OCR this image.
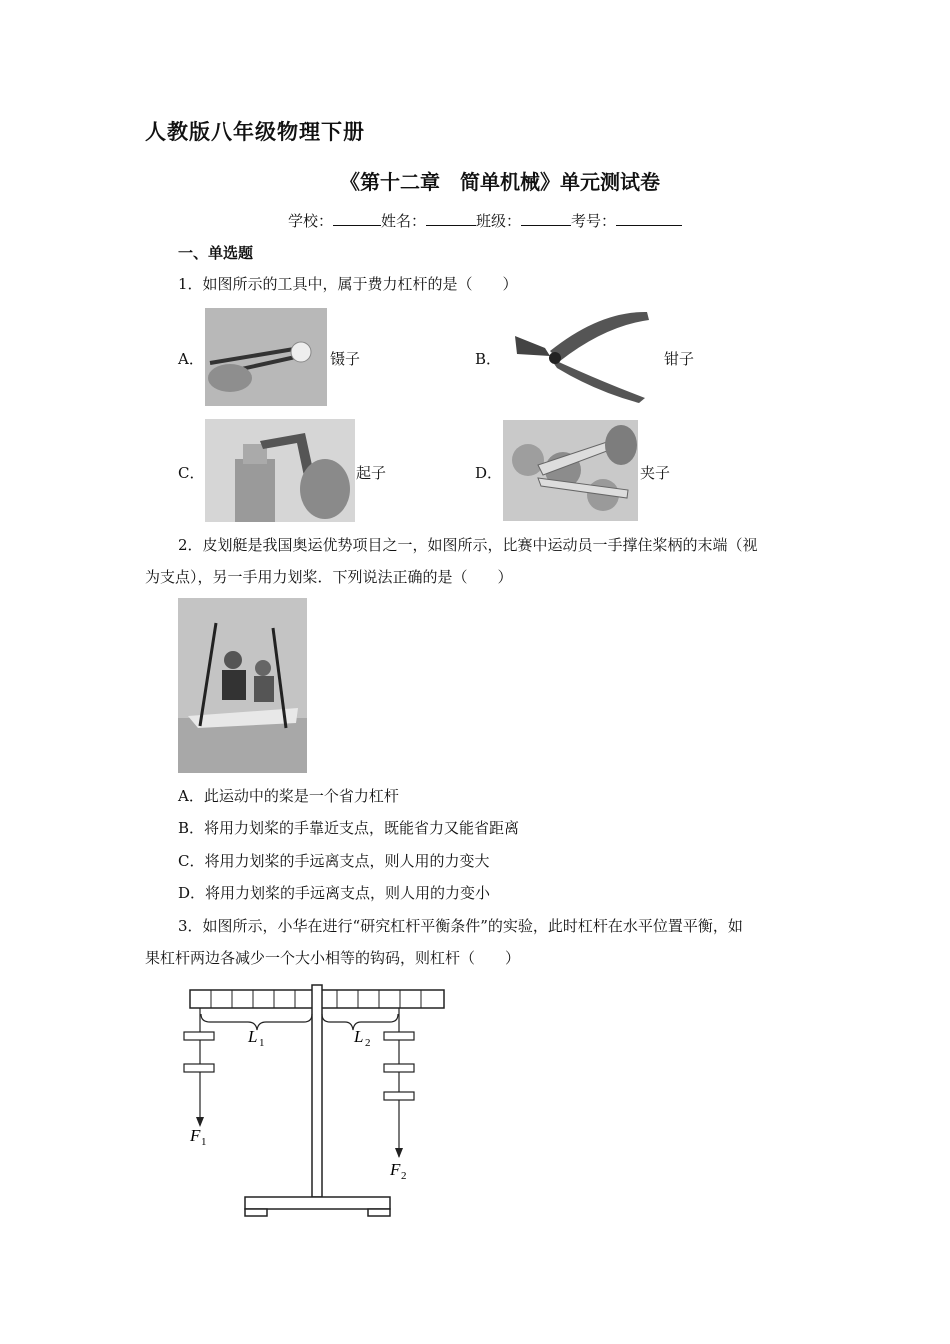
人教版八年级物理下册
《第十二章　简单机械》单元测试卷
学校：	姓名：	班级：	考号：
一、单选题
1．如图所示的工具中，属于费力杠杆的是（　　）
A．	镊子	B．	钳子
C．	起子	D．	夹子
2．皮划艇是我国奥运优势项目之一，如图所示，比赛中运动员一手撑住桨柄的末端（视
为支点），另一手用力划桨．下列说法正确的是（　　）
A．此运动中的桨是一个省力杠杆
B．将用力划桨的手靠近支点，既能省力又能省距离
C．将用力划桨的手远离支点，则人用的力变大
D．将用力划桨的手远离支点，则人用的力变小
3．如图所示，小华在进行“研究杠杆平衡条件”的实验，此时杠杆在水平位置平衡，如
果杠杆两边各减少一个大小相等的钩码，则杠杆（　　）
L 1	L 2
F 1
F 2
